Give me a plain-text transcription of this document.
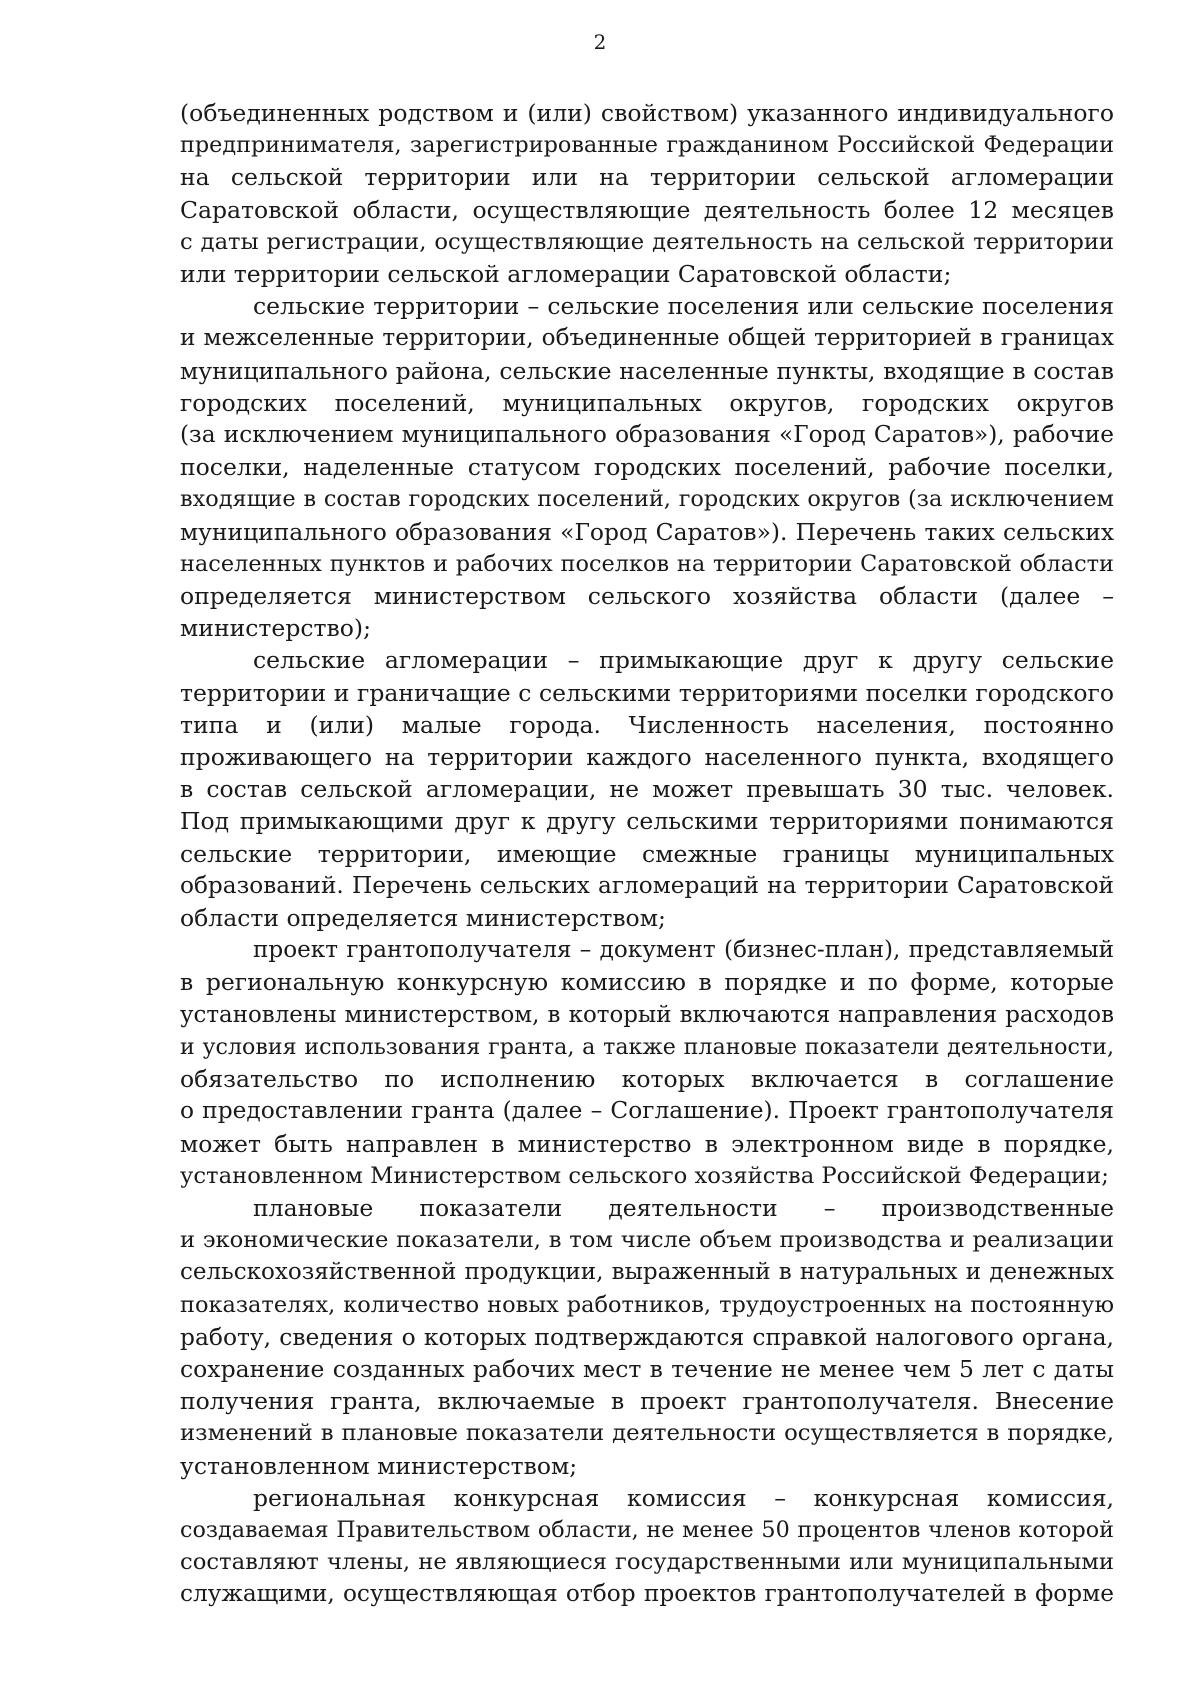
2
(объединенных родством и (или) свойством) указанного индивидуального
предпринимателя, зарегистрированные гражданином Российской Федерации
на сельской территории или на территории сельской агломерации
Саратовской области, осуществляющие деятельность более 12 месяцев
с даты регистрации, осуществляющие деятельность на сельской территории
или территории сельской агломерации Саратовской области;
сельские территории – сельские поселения или сельские поселения
и межселенные территории, объединенные общей территорией в границах
муниципального района, сельские населенные пункты, входящие в состав
городских поселений, муниципальных округов, городских округов
(за исключением муниципального образования «Город Саратов»), рабочие
поселки, наделенные статусом городских поселений, рабочие поселки,
входящие в состав городских поселений, городских округов (за исключением
муниципального образования «Город Саратов»). Перечень таких сельских
населенных пунктов и рабочих поселков на территории Саратовской области
определяется министерством сельского хозяйства области (далее –
министерство);
сельские агломерации – примыкающие друг к другу сельские
территории и граничащие с сельскими территориями поселки городского
типа и (или) малые города. Численность населения, постоянно
проживающего на территории каждого населенного пункта, входящего
в состав сельской агломерации, не может превышать 30 тыс. человек.
Под примыкающими друг к другу сельскими территориями понимаются
сельские территории, имеющие смежные границы муниципальных
образований. Перечень сельских агломераций на территории Саратовской
области определяется министерством;
проект грантополучателя – документ (бизнес-план), представляемый
в региональную конкурсную комиссию в порядке и по форме, которые
установлены министерством, в который включаются направления расходов
и условия использования гранта, а также плановые показатели деятельности,
обязательство по исполнению которых включается в соглашение
о предоставлении гранта (далее – Соглашение). Проект грантополучателя
может быть направлен в министерство в электронном виде в порядке,
установленном Министерством сельского хозяйства Российской Федерации;
плановые показатели деятельности – производственные
и экономические показатели, в том числе объем производства и реализации
сельскохозяйственной продукции, выраженный в натуральных и денежных
показателях, количество новых работников, трудоустроенных на постоянную
работу, сведения о которых подтверждаются справкой налогового органа,
сохранение созданных рабочих мест в течение не менее чем 5 лет с даты
получения гранта, включаемые в проект грантополучателя. Внесение
изменений в плановые показатели деятельности осуществляется в порядке,
установленном министерством;
региональная конкурсная комиссия – конкурсная комиссия,
создаваемая Правительством области, не менее 50 процентов членов которой
составляют члены, не являющиеся государственными или муниципальными
служащими, осуществляющая отбор проектов грантополучателей в форме
